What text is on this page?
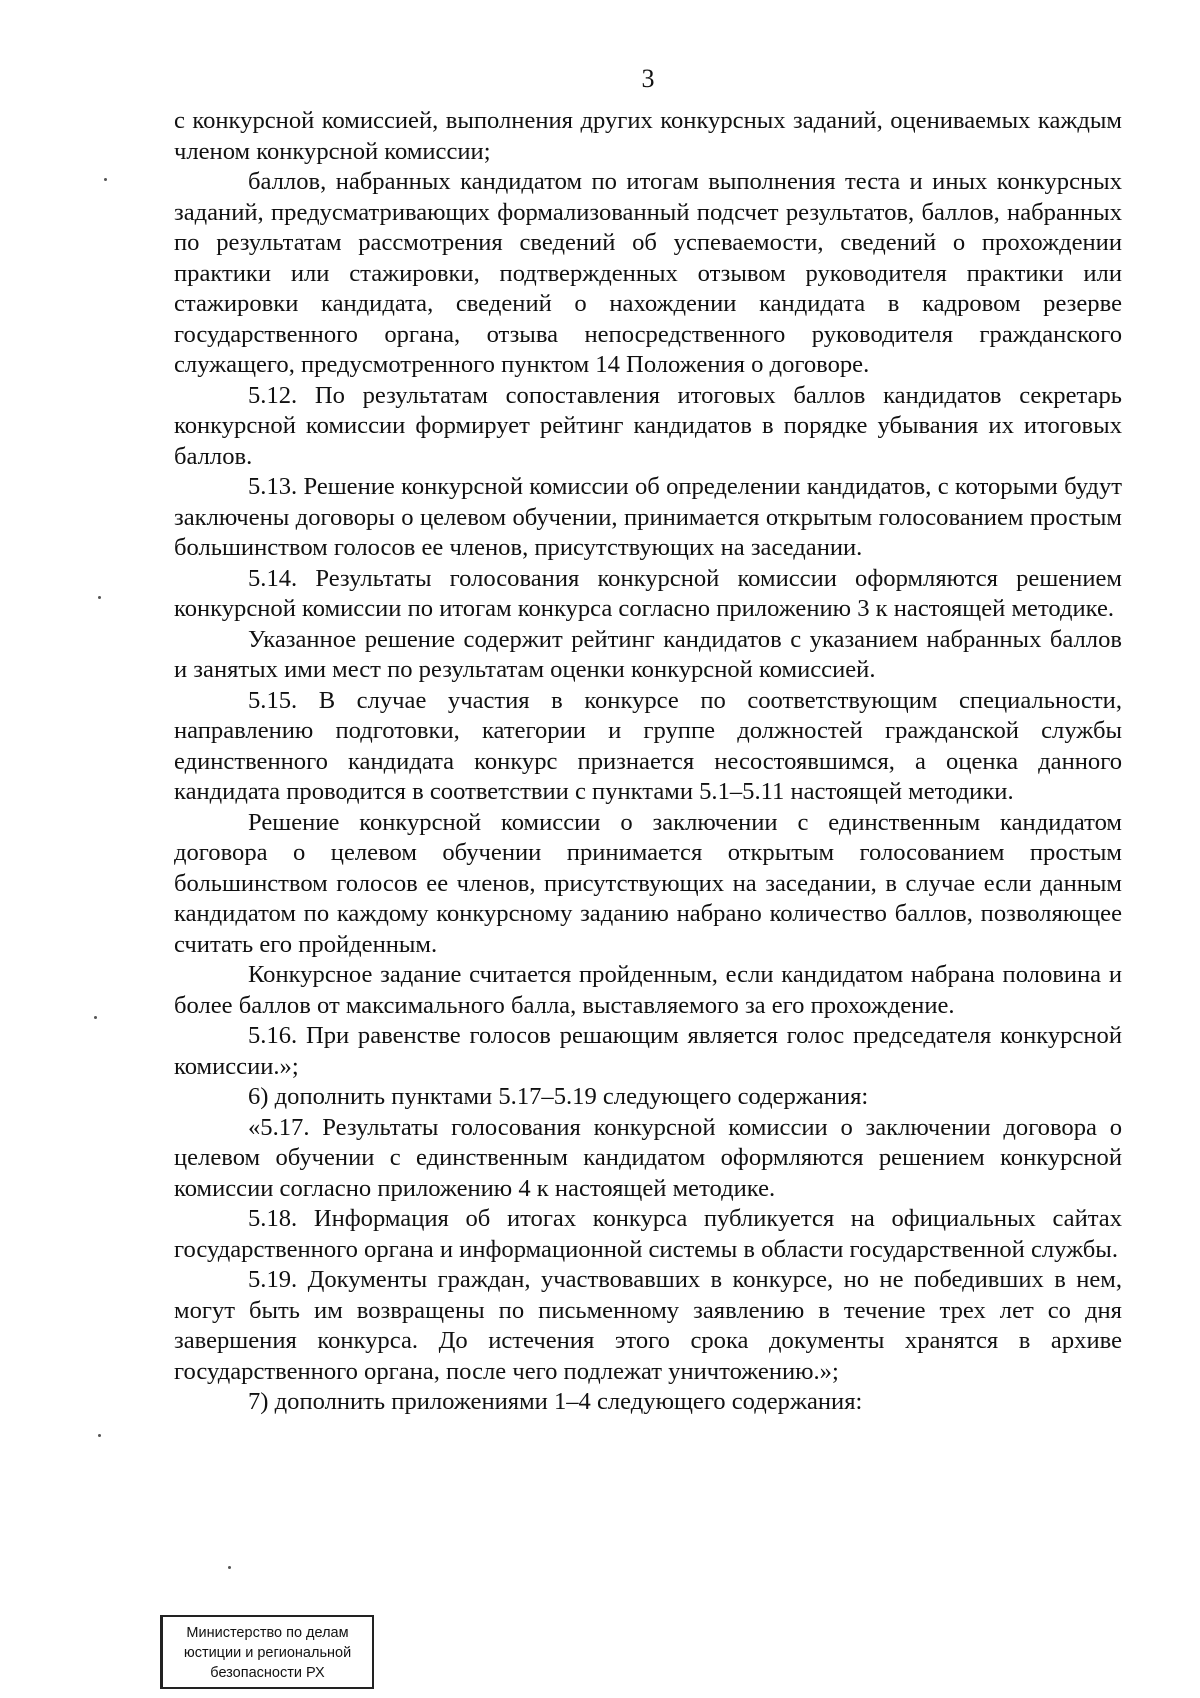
3

с конкурсной комиссией, выполнения других конкурсных заданий, оцениваемых каждым членом конкурсной комиссии;

баллов, набранных кандидатом по итогам выполнения теста и иных конкурсных заданий, предусматривающих формализованный подсчет результатов, баллов, набранных по результатам рассмотрения сведений об успеваемости, сведений о прохождении практики или стажировки, подтвержденных отзывом руководителя практики или стажировки кандидата, сведений о нахождении кандидата в кадровом резерве государственного органа, отзыва непосредственного руководителя гражданского служащего, предусмотренного пунктом 14 Положения о договоре.

5.12. По результатам сопоставления итоговых баллов кандидатов секретарь конкурсной комиссии формирует рейтинг кандидатов в порядке убывания их итоговых баллов.

5.13. Решение конкурсной комиссии об определении кандидатов, с которыми будут заключены договоры о целевом обучении, принимается открытым голосованием простым большинством голосов ее членов, присутствующих на заседании.

5.14. Результаты голосования конкурсной комиссии оформляются решением конкурсной комиссии по итогам конкурса согласно приложению 3 к настоящей методике.

Указанное решение содержит рейтинг кандидатов с указанием набранных баллов и занятых ими мест по результатам оценки конкурсной комиссией.

5.15. В случае участия в конкурсе по соответствующим специальности, направлению подготовки, категории и группе должностей гражданской службы единственного кандидата конкурс признается несостоявшимся, а оценка данного кандидата проводится в соответствии с пунктами 5.1–5.11 настоящей методики.

Решение конкурсной комиссии о заключении с единственным кандидатом договора о целевом обучении принимается открытым голосованием простым большинством голосов ее членов, присутствующих на заседании, в случае если данным кандидатом по каждому конкурсному заданию набрано количество баллов, позволяющее считать его пройденным.

Конкурсное задание считается пройденным, если кандидатом набрана половина и более баллов от максимального балла, выставляемого за его прохождение.

5.16. При равенстве голосов решающим является голос председателя конкурсной комиссии.»;

6) дополнить пунктами 5.17–5.19 следующего содержания:

«5.17. Результаты голосования конкурсной комиссии о заключении договора о целевом обучении с единственным кандидатом оформляются решением конкурсной комиссии согласно приложению 4 к настоящей методике.

5.18. Информация об итогах конкурса публикуется на официальных сайтах государственного органа и информационной системы в области государственной службы.

5.19. Документы граждан, участвовавших в конкурсе, но не победивших в нем, могут быть им возвращены по письменному заявлению в течение трех лет со дня завершения конкурса. До истечения этого срока документы хранятся в архиве государственного органа, после чего подлежат уничтожению.»;

7) дополнить приложениями 1–4 следующего содержания:

Министерство по делам
юстиции и региональной
безопасности РХ
